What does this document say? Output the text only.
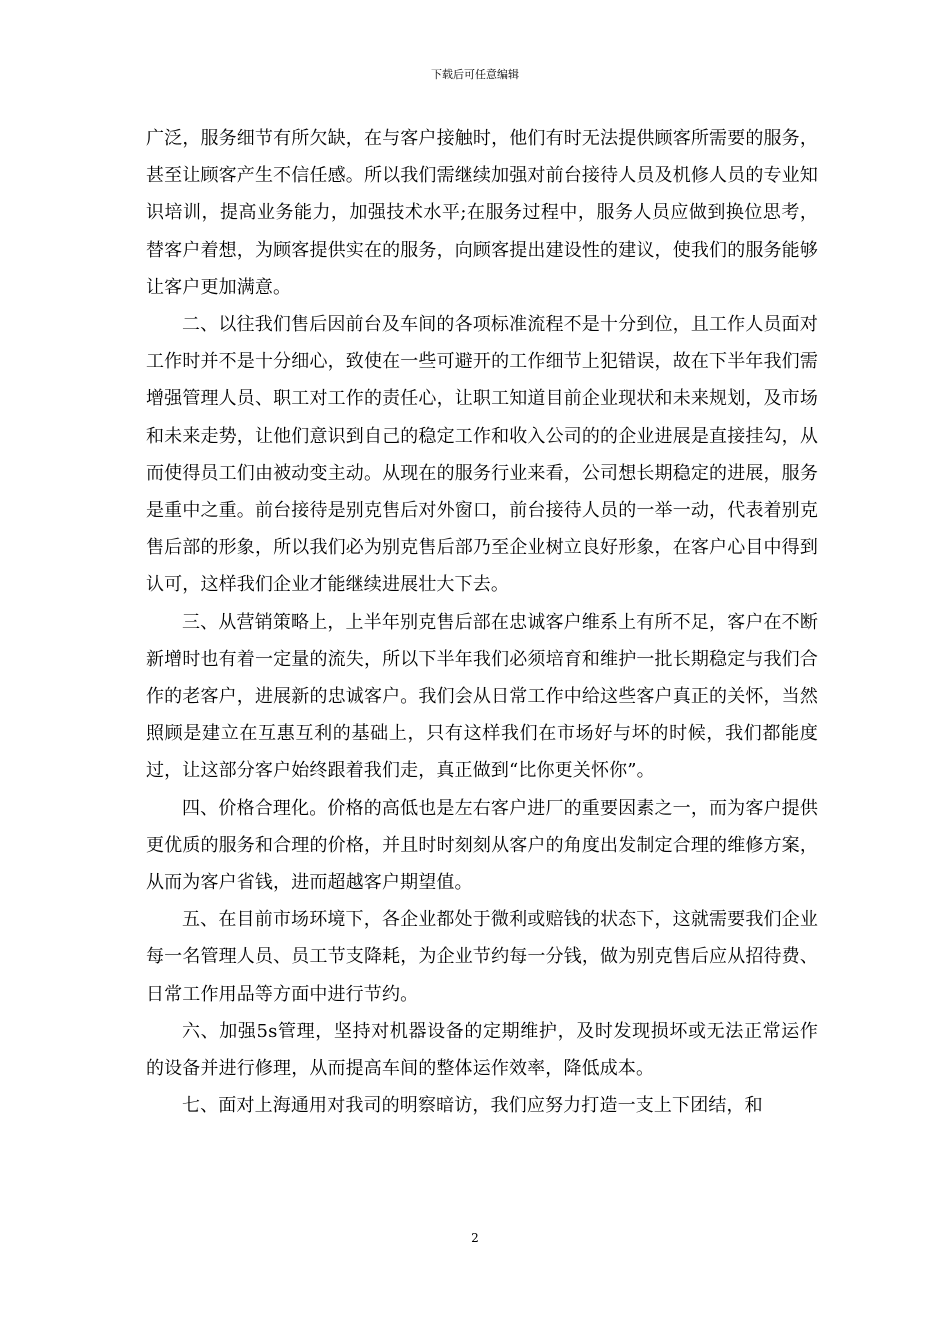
下载后可任意编辑

广泛，服务细节有所欠缺，在与客户接触时，他们有时无法提供顾客所需要的服务，甚至让顾客产生不信任感。所以我们需继续加强对前台接待人员及机修人员的专业知识培训，提高业务能力，加强技术水平;在服务过程中，服务人员应做到换位思考，替客户着想，为顾客提供实在的服务，向顾客提出建设性的建议，使我们的服务能够让客户更加满意。

二、以往我们售后因前台及车间的各项标准流程不是十分到位，且工作人员面对工作时并不是十分细心，致使在一些可避开的工作细节上犯错误，故在下半年我们需增强管理人员、职工对工作的责任心，让职工知道目前企业现状和未来规划，及市场和未来走势，让他们意识到自己的稳定工作和收入公司的的企业进展是直接挂勾，从而使得员工们由被动变主动。从现在的服务行业来看，公司想长期稳定的进展，服务是重中之重。前台接待是别克售后对外窗口，前台接待人员的一举一动，代表着别克售后部的形象，所以我们必为别克售后部乃至企业树立良好形象，在客户心目中得到认可，这样我们企业才能继续进展壮大下去。

三、从营销策略上，上半年别克售后部在忠诚客户维系上有所不足，客户在不断新增时也有着一定量的流失，所以下半年我们必须培育和维护一批长期稳定与我们合作的老客户，进展新的忠诚客户。我们会从日常工作中给这些客户真正的关怀，当然照顾是建立在互惠互利的基础上，只有这样我们在市场好与坏的时候，我们都能度过，让这部分客户始终跟着我们走，真正做到“比你更关怀你”。

四、价格合理化。价格的高低也是左右客户进厂的重要因素之一，而为客户提供更优质的服务和合理的价格，并且时时刻刻从客户的角度出发制定合理的维修方案，从而为客户省钱，进而超越客户期望值。

五、在目前市场环境下，各企业都处于微利或赔钱的状态下，这就需要我们企业每一名管理人员、员工节支降耗，为企业节约每一分钱，做为别克售后应从招待费、日常工作用品等方面中进行节约。

六、加强5s管理，坚持对机器设备的定期维护，及时发现损坏或无法正常运作的设备并进行修理，从而提高车间的整体运作效率，降低成本。

七、面对上海通用对我司的明察暗访，我们应努力打造一支上下团结，和

2
